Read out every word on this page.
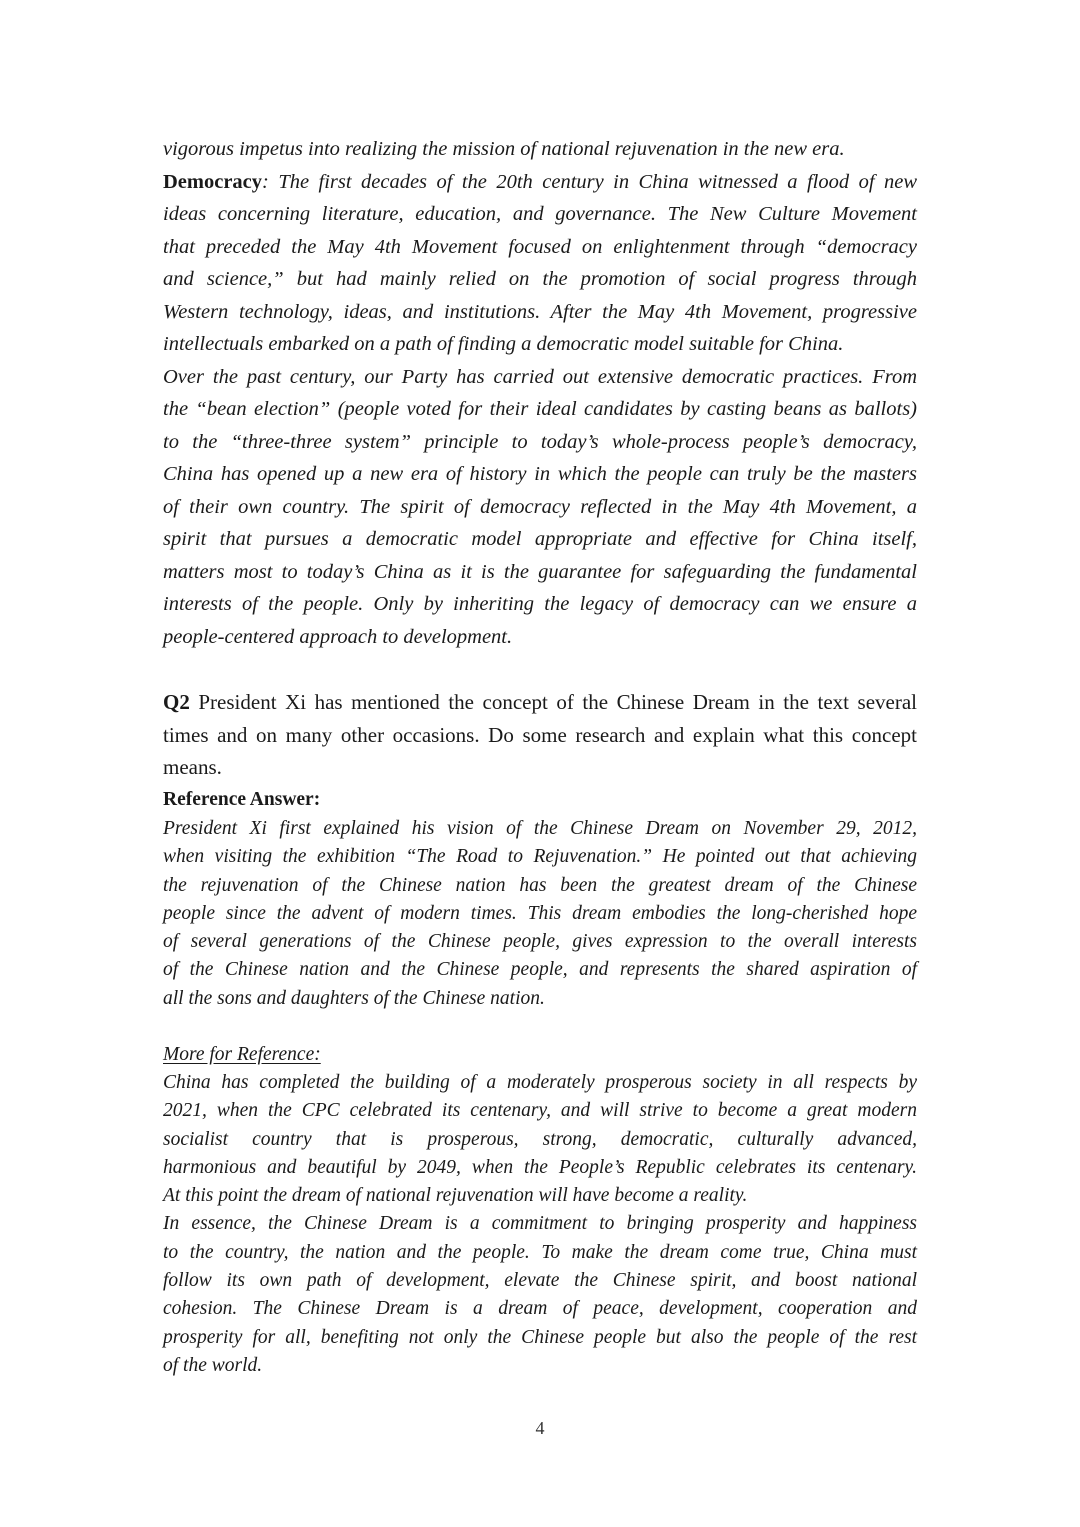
vigorous impetus into realizing the mission of national rejuvenation in the new era.
Democracy: The first decades of the 20th century in China witnessed a flood of new
ideas concerning literature, education, and governance. The New Culture Movement
that preceded the May 4th Movement focused on enlightenment through “democracy
and science,” but had mainly relied on the promotion of social progress through
Western technology, ideas, and institutions. After the May 4th Movement, progressive
intellectuals embarked on a path of finding a democratic model suitable for China.
Over the past century, our Party has carried out extensive democratic practices. From
the “bean election” (people voted for their ideal candidates by casting beans as ballots)
to the “three-three system” principle to today’s whole-process people’s democracy,
China has opened up a new era of history in which the people can truly be the masters
of their own country. The spirit of democracy reflected in the May 4th Movement, a
spirit that pursues a democratic model appropriate and effective for China itself,
matters most to today’s China as it is the guarantee for safeguarding the fundamental
interests of the people. Only by inheriting the legacy of democracy can we ensure a
people-centered approach to development.
Q2 President Xi has mentioned the concept of the Chinese Dream in the text several
times and on many other occasions. Do some research and explain what this concept
means.
Reference Answer:
President Xi first explained his vision of the Chinese Dream on November 29, 2012,
when visiting the exhibition “The Road to Rejuvenation.” He pointed out that achieving
the rejuvenation of the Chinese nation has been the greatest dream of the Chinese
people since the advent of modern times. This dream embodies the long-cherished hope
of several generations of the Chinese people, gives expression to the overall interests
of the Chinese nation and the Chinese people, and represents the shared aspiration of
all the sons and daughters of the Chinese nation.
More for Reference:
China has completed the building of a moderately prosperous society in all respects by
2021, when the CPC celebrated its centenary, and will strive to become a great modern
socialist country that is prosperous, strong, democratic, culturally advanced,
harmonious and beautiful by 2049, when the People’s Republic celebrates its centenary.
At this point the dream of national rejuvenation will have become a reality.
In essence, the Chinese Dream is a commitment to bringing prosperity and happiness
to the country, the nation and the people. To make the dream come true, China must
follow its own path of development, elevate the Chinese spirit, and boost national
cohesion. The Chinese Dream is a dream of peace, development, cooperation and
prosperity for all, benefiting not only the Chinese people but also the people of the rest
of the world.
4
